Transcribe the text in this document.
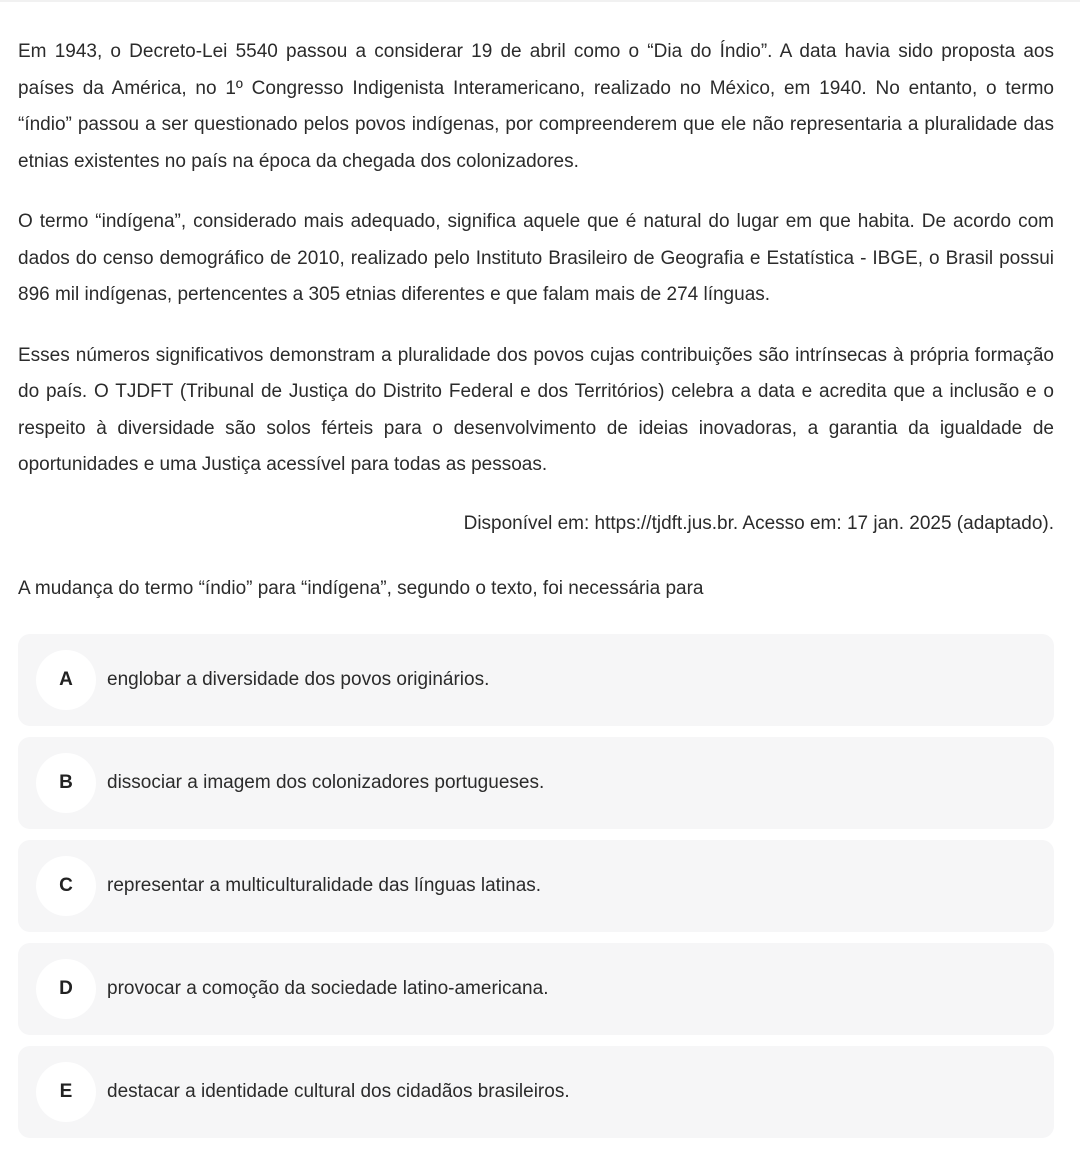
Em 1943, o Decreto-Lei 5540 passou a considerar 19 de abril como o “Dia do Índio”. A data havia sido proposta aos países da América, no 1º Congresso Indigenista Interamericano, realizado no México, em 1940. No entanto, o termo “índio” passou a ser questionado pelos povos indígenas, por compreenderem que ele não representaria a pluralidade das etnias existentes no país na época da chegada dos colonizadores.

O termo “indígena”, considerado mais adequado, significa aquele que é natural do lugar em que habita. De acordo com dados do censo demográfico de 2010, realizado pelo Instituto Brasileiro de Geografia e Estatística - IBGE, o Brasil possui 896 mil indígenas, pertencentes a 305 etnias diferentes e que falam mais de 274 línguas.

Esses números significativos demonstram a pluralidade dos povos cujas contribuições são intrínsecas à própria formação do país. O TJDFT (Tribunal de Justiça do Distrito Federal e dos Territórios) celebra a data e acredita que a inclusão e o respeito à diversidade são solos férteis para o desenvolvimento de ideias inovadoras, a garantia da igualdade de oportunidades e uma Justiça acessível para todas as pessoas.

Disponível em: https://tjdft.jus.br. Acesso em: 17 jan. 2025 (adaptado).

A mudança do termo “índio” para “indígena”, segundo o texto, foi necessária para

A	englobar a diversidade dos povos originários.
B	dissociar a imagem dos colonizadores portugueses.
C	representar a multiculturalidade das línguas latinas.
D	provocar a comoção da sociedade latino-americana.
E	destacar a identidade cultural dos cidadãos brasileiros.
